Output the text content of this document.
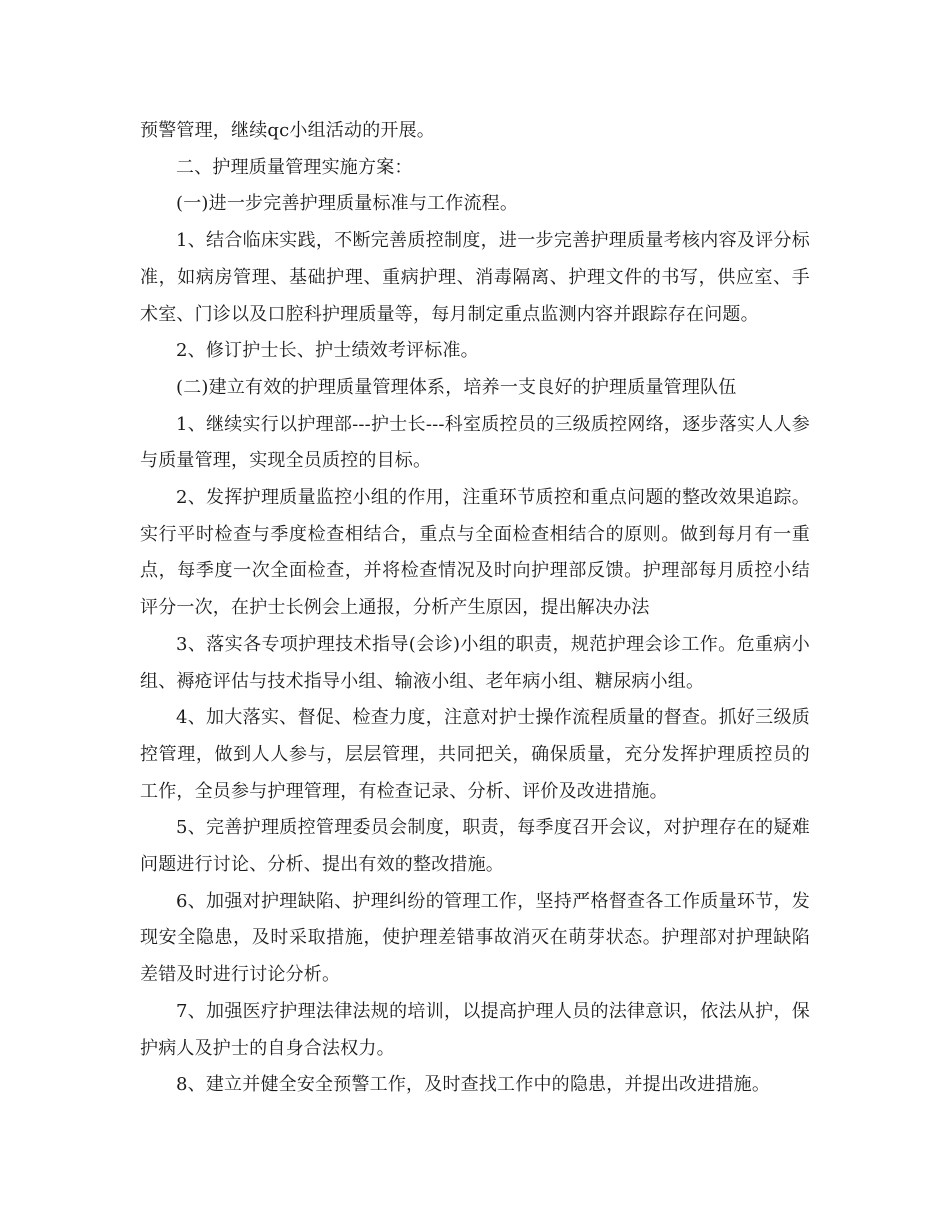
预警管理，继续qc小组活动的开展。

二、护理质量管理实施方案：

(一)进一步完善护理质量标准与工作流程。

1、结合临床实践，不断完善质控制度，进一步完善护理质量考核内容及评分标准，如病房管理、基础护理、重病护理、消毒隔离、护理文件的书写，供应室、手术室、门诊以及口腔科护理质量等，每月制定重点监测内容并跟踪存在问题。

2、修订护士长、护士绩效考评标准。

(二)建立有效的护理质量管理体系，培养一支良好的护理质量管理队伍

1、继续实行以护理部---护士长---科室质控员的三级质控网络，逐步落实人人参与质量管理，实现全员质控的目标。

2、发挥护理质量监控小组的作用，注重环节质控和重点问题的整改效果追踪。实行平时检查与季度检查相结合，重点与全面检查相结合的原则。做到每月有一重点，每季度一次全面检查，并将检查情况及时向护理部反馈。护理部每月质控小结评分一次，在护士长例会上通报，分析产生原因，提出解决办法

3、落实各专项护理技术指导(会诊)小组的职责，规范护理会诊工作。危重病小组、褥疮评估与技术指导小组、输液小组、老年病小组、糖尿病小组。

4、加大落实、督促、检查力度，注意对护士操作流程质量的督查。抓好三级质控管理，做到人人参与，层层管理，共同把关，确保质量，充分发挥护理质控员的工作，全员参与护理管理，有检查记录、分析、评价及改进措施。

5、完善护理质控管理委员会制度，职责，每季度召开会议，对护理存在的疑难问题进行讨论、分析、提出有效的整改措施。

6、加强对护理缺陷、护理纠纷的管理工作，坚持严格督查各工作质量环节，发现安全隐患，及时采取措施，使护理差错事故消灭在萌芽状态。护理部对护理缺陷差错及时进行讨论分析。

7、加强医疗护理法律法规的培训，以提高护理人员的法律意识，依法从护，保护病人及护士的自身合法权力。

8、建立并健全安全预警工作，及时查找工作中的隐患，并提出改进措施。
